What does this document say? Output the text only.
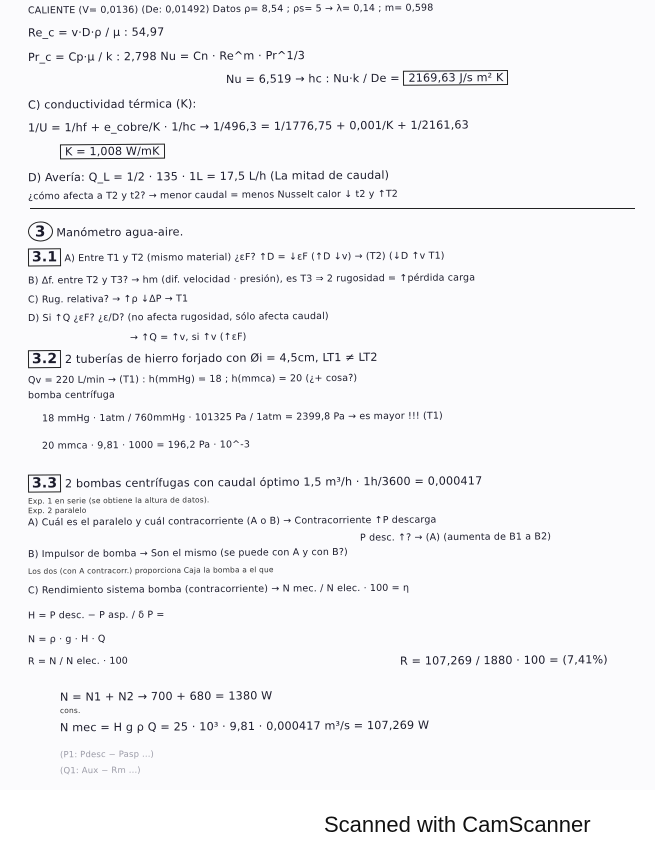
CALIENTE (V= 0,0136) (De: 0,01492) Datos ρ= 8,54 ; ρs= 5 → λ= 0,14 ; m= 0,598
Re_c = v·D·ρ / μ : 54,97
Pr_c = Cp·μ / k : 2,798 Nu = Cn · Re^m · Pr^1/3
Nu = 6,519 → hc : Nu·k / De = 2169,63 J/s m² K
C) conductividad térmica (K):
1/U = 1/hf + e_cobre/K · 1/hc → 1/496,3 = 1/1776,75 + 0,001/K + 1/2161,63
K = 1,008 W/mK
D) Avería: Q_L = 1/2 · 135 · 1L = 17,5 L/h (La mitad de caudal)
¿cómo afecta a T2 y t2? → menor caudal = menos Nusselt calor ↓ t2 y ↑T2
3 Manómetro agua-aire.
3.1 A) Entre T1 y T2 (mismo material) ¿εF? ↑D = ↓εF (↑D ↓v) → (T2) (↓D ↑v T1)
B) Δf. entre T2 y T3? → hm (dif. velocidad · presión), es T3 ⇒ 2 rugosidad = ↑pérdida carga
C) Rug. relativa? → ↑ρ ↓ΔP → T1
D) Si ↑Q ¿εF? ¿ε/D? (no afecta rugosidad, sólo afecta caudal)
→ ↑Q = ↑v, si ↑v (↑εF)
3.2 2 tuberías de hierro forjado con Øi = 4,5cm, LT1 ≠ LT2
Qv = 220 L/min → (T1) : h(mmHg) = 18 ; h(mmca) = 20 (¿+ cosa?)
bomba centrífuga
18 mmHg · 1atm / 760mmHg · 101325 Pa / 1atm = 2399,8 Pa → es mayor !!! (T1)
20 mmca · 9,81 · 1000 = 196,2 Pa · 10^-3
3.3 2 bombas centrífugas con caudal óptimo 1,5 m³/h · 1h/3600 = 0,000417
Exp. 1 en serie (se obtiene la altura de datos).
Exp. 2 paralelo
A) Cuál es el paralelo y cuál contracorriente (A o B) → Contracorriente ↑P descarga
P desc. ↑? → (A) (aumenta de B1 a B2)
B) Impulsor de bomba → Son el mismo (se puede con A y con B?)
Los dos (con A contracorr.) proporciona Caja la bomba a el que
C) Rendimiento sistema bomba (contracorriente) → N mec. / N elec. · 100 = η
H = P desc. − P asp. / δ P =
N = ρ · g · H · Q
R = N / N elec. · 100	R = 107,269 / 1880 · 100 = (7,41%)
N = N1 + N2 → 700 + 680 = 1380 W
cons.
N mec = H g ρ Q = 25 · 10³ · 9,81 · 0,000417 m³/s = 107,269 W
(P1: Pdesc − Pasp ...)
(Q1: Aux − Rm ...)
Scanned with CamScanner
